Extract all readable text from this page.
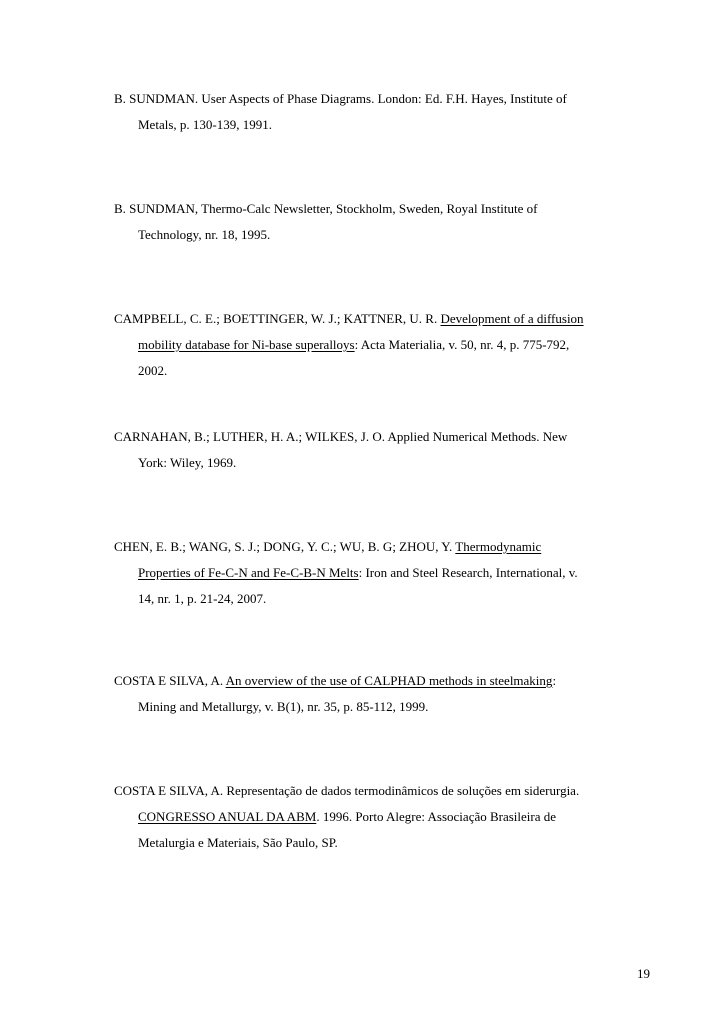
B. SUNDMAN. User Aspects of Phase Diagrams. London: Ed. F.H. Hayes, Institute of
Metals, p. 130-139, 1991.
B. SUNDMAN, Thermo-Calc Newsletter, Stockholm, Sweden, Royal Institute of
Technology, nr. 18, 1995.
CAMPBELL, C. E.; BOETTINGER, W. J.; KATTNER, U. R. Development of a diffusion
mobility database for Ni-base superalloys: Acta Materialia, v. 50, nr. 4, p. 775-792,
2002.
CARNAHAN, B.; LUTHER, H. A.; WILKES, J. O. Applied Numerical Methods. New
York: Wiley, 1969.
CHEN, E. B.; WANG, S. J.; DONG, Y. C.; WU, B. G; ZHOU, Y. Thermodynamic
Properties of Fe-C-N and Fe-C-B-N Melts: Iron and Steel Research, International, v.
14, nr. 1, p. 21-24, 2007.
COSTA E SILVA, A. An overview of the use of CALPHAD methods in steelmaking:
Mining and Metallurgy, v. B(1), nr. 35, p. 85-112, 1999.
COSTA E SILVA, A. Representação de dados termodinâmicos de soluções em siderurgia.
CONGRESSO ANUAL DA ABM. 1996. Porto Alegre: Associação Brasileira de
Metalurgia e Materiais, São Paulo, SP.
19
